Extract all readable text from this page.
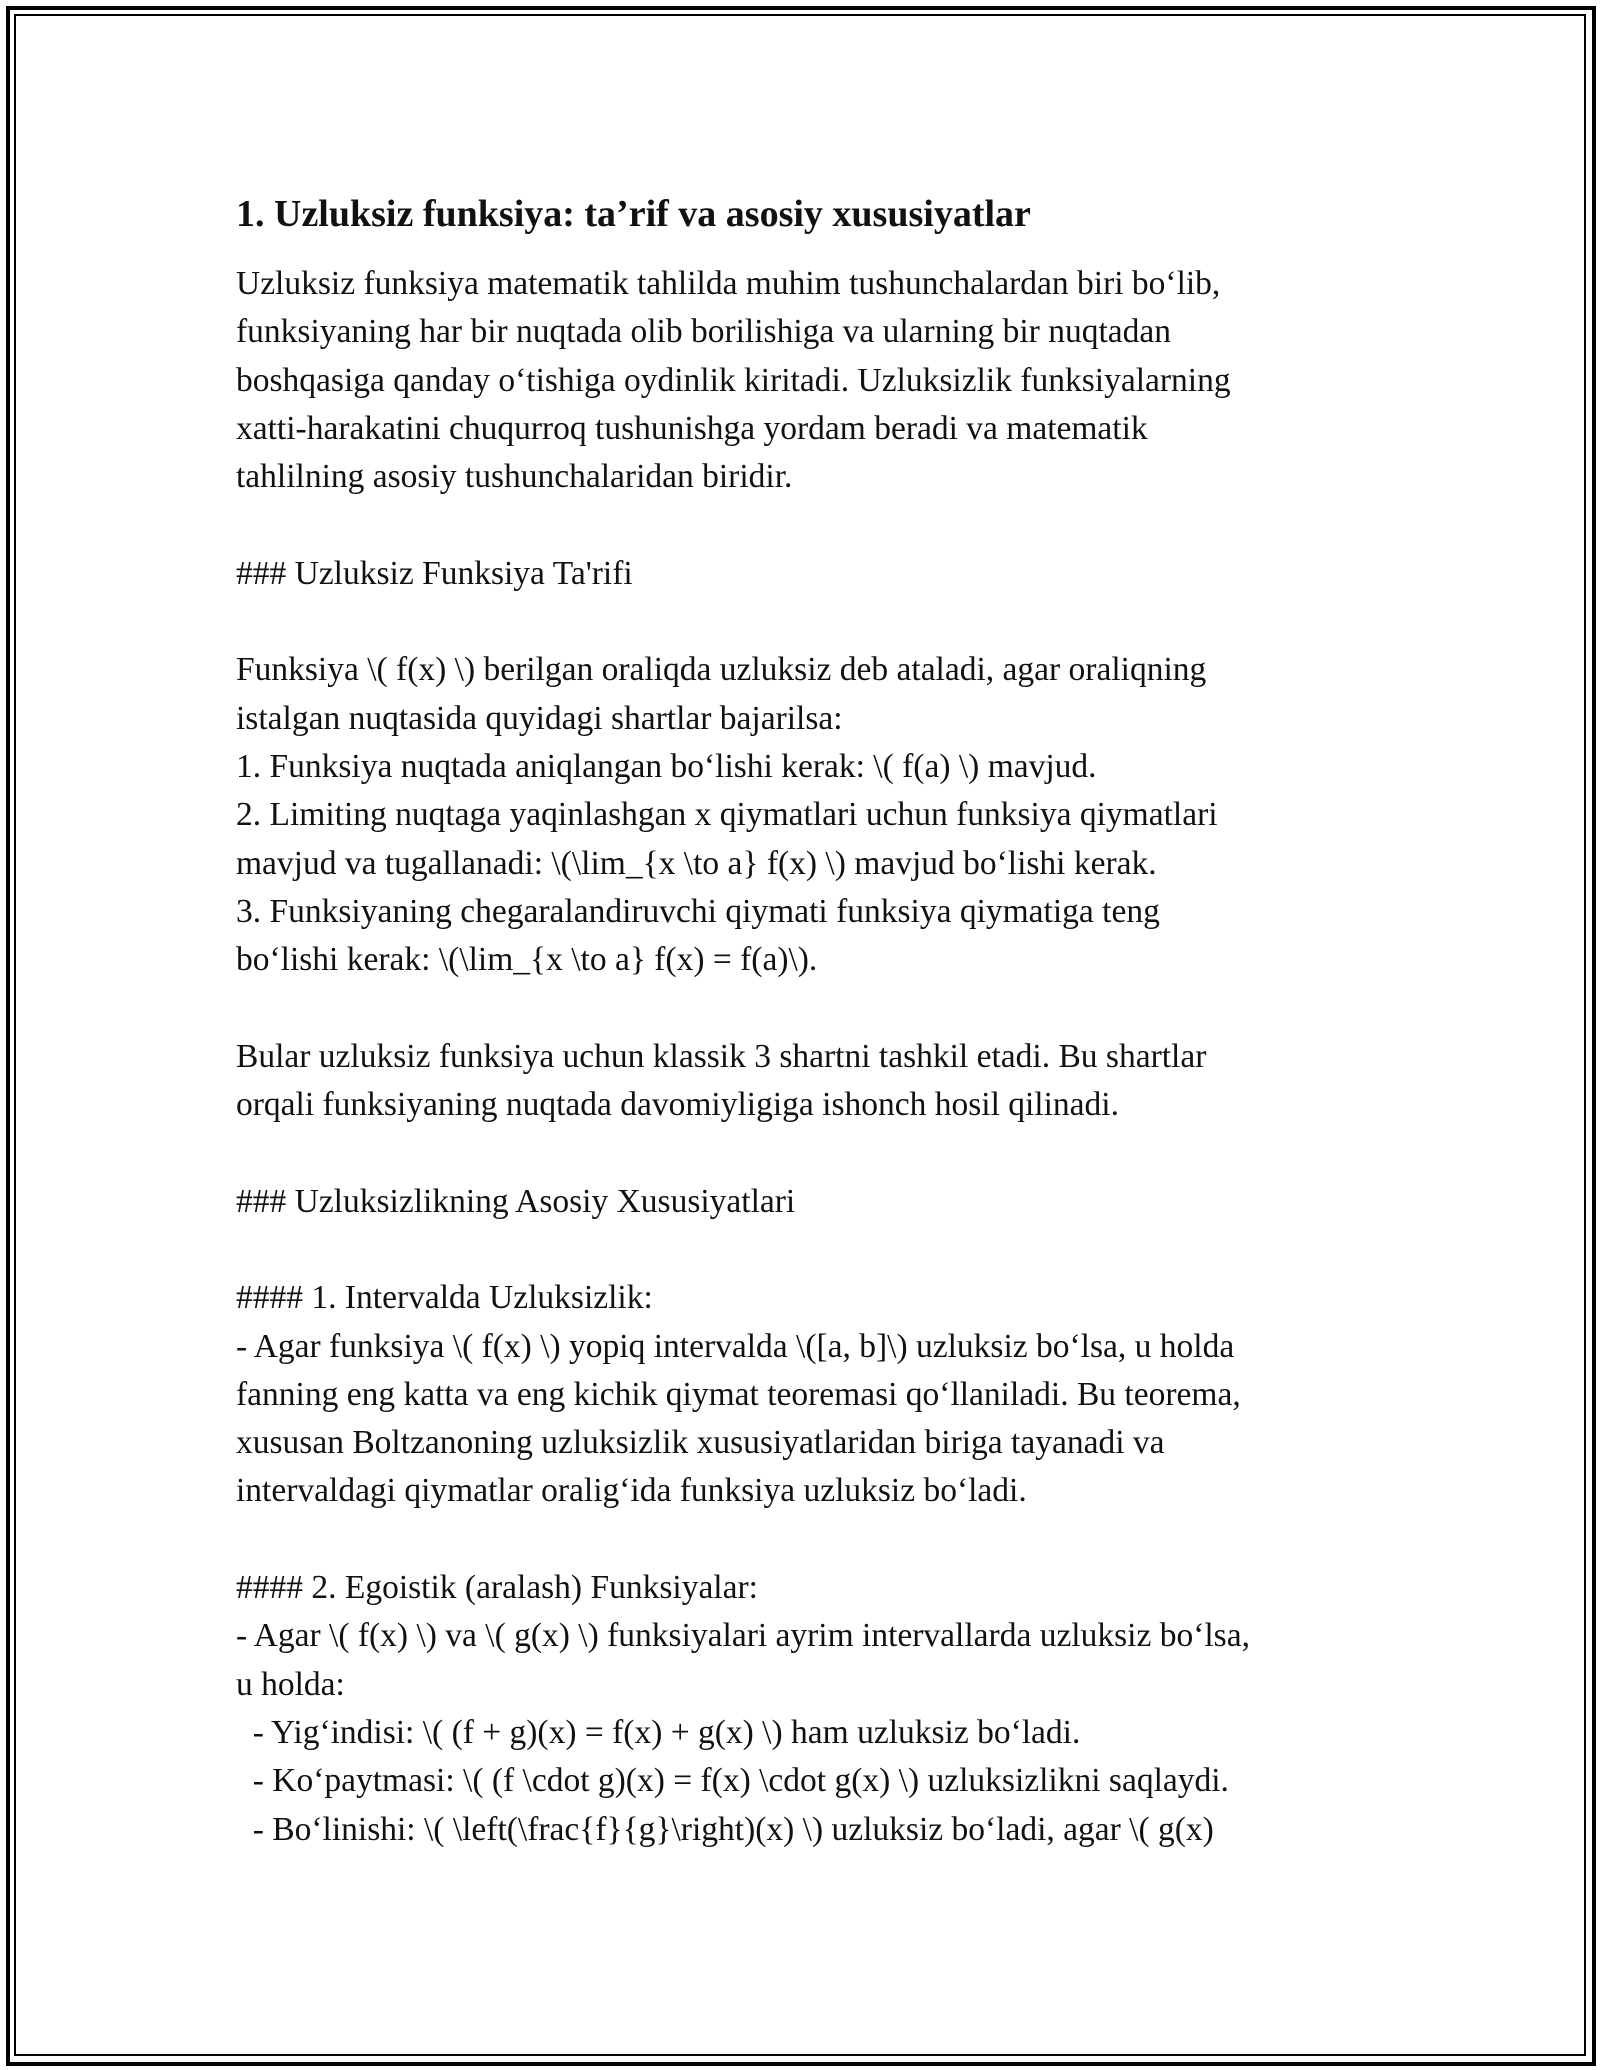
1. Uzluksiz funksiya: ta’rif va asosiy xususiyatlar
Uzluksiz funksiya matematik tahlilda muhim tushunchalardan biri bo‘lib,
funksiyaning har bir nuqtada olib borilishiga va ularning bir nuqtadan
boshqasiga qanday o‘tishiga oydinlik kiritadi. Uzluksizlik funksiyalarning
xatti-harakatini chuqurroq tushunishga yordam beradi va matematik
tahlilning asosiy tushunchalaridan biridir.
### Uzluksiz Funksiya Ta'rifi
Funksiya \( f(x) \) berilgan oraliqda uzluksiz deb ataladi, agar oraliqning
istalgan nuqtasida quyidagi shartlar bajarilsa:
1. Funksiya nuqtada aniqlangan bo‘lishi kerak: \( f(a) \) mavjud.
2. Limiting nuqtaga yaqinlashgan x qiymatlari uchun funksiya qiymatlari
mavjud va tugallanadi: \(\lim_{x \to a} f(x) \) mavjud bo‘lishi kerak.
3. Funksiyaning chegaralandiruvchi qiymati funksiya qiymatiga teng
bo‘lishi kerak: \(\lim_{x \to a} f(x) = f(a)\).
Bular uzluksiz funksiya uchun klassik 3 shartni tashkil etadi. Bu shartlar
orqali funksiyaning nuqtada davomiyligiga ishonch hosil qilinadi.
### Uzluksizlikning Asosiy Xususiyatlari
#### 1. Intervalda Uzluksizlik:
- Agar funksiya \( f(x) \) yopiq intervalda \([a, b]\) uzluksiz bo‘lsa, u holda
fanning eng katta va eng kichik qiymat teoremasi qo‘llaniladi. Bu teorema,
xususan Boltzanoning uzluksizlik xususiyatlaridan biriga tayanadi va
intervaldagi qiymatlar oralig‘ida funksiya uzluksiz bo‘ladi.
#### 2. Egoistik (aralash) Funksiyalar:
- Agar \( f(x) \) va \( g(x) \) funksiyalari ayrim intervallarda uzluksiz bo‘lsa,
u holda:
- Yig‘indisi: \( (f + g)(x) = f(x) + g(x) \) ham uzluksiz bo‘ladi.
- Ko‘paytmasi: \( (f \cdot g)(x) = f(x) \cdot g(x) \) uzluksizlikni saqlaydi.
- Bo‘linishi: \( \left(\frac{f}{g}\right)(x) \) uzluksiz bo‘ladi, agar \( g(x)
